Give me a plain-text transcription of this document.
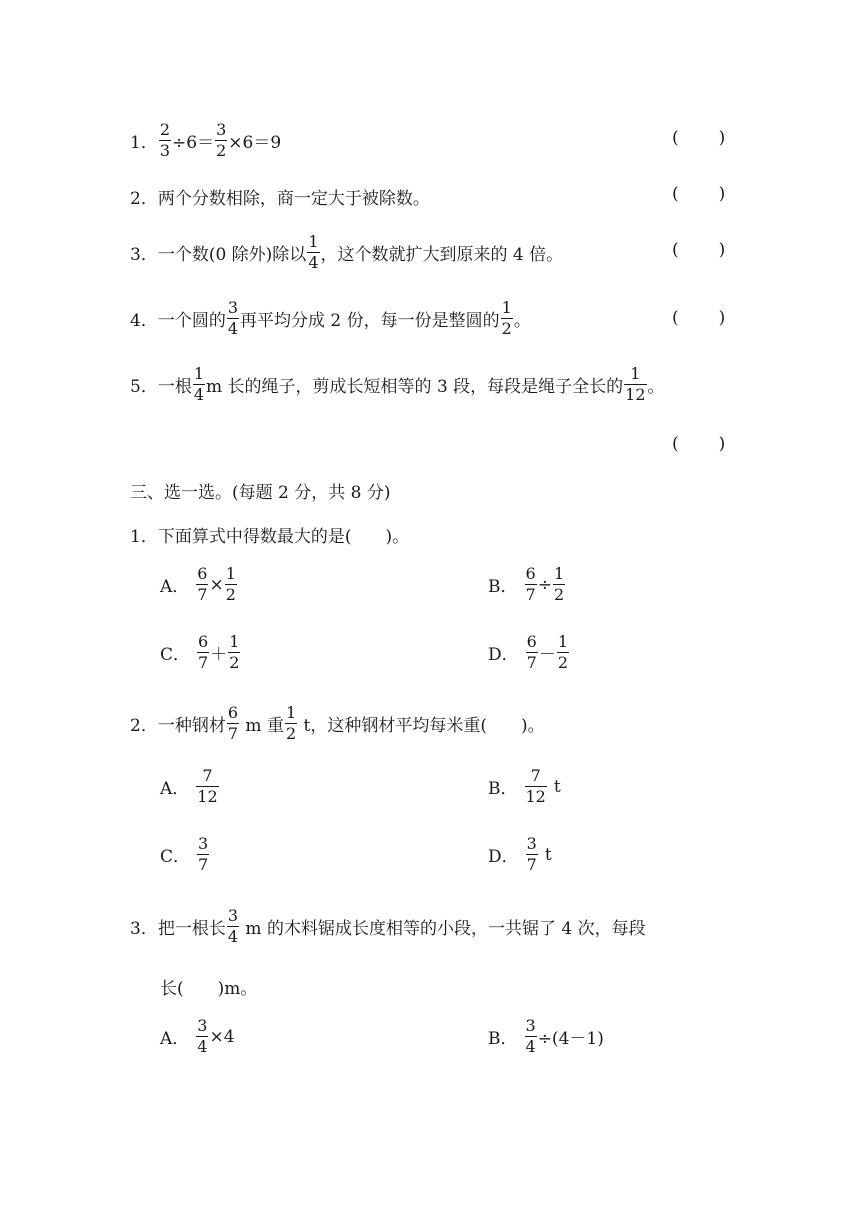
1． $\frac{2}{3} \div 6= \frac{3}{2} \times 6=9$	( )
2． 两个分数相除，商一定大于被除数。	( )
3． 一个数(0 除外)除以 $\frac{1}{4}$ ，这个数就扩大到原来的 4 倍。	( )
4． 一个圆的 $\frac{3}{4}$ 再平均分成 2 份，每一份是整圆的 $\frac{1}{2}$ 。	( )
5． 一根 $\frac{1}{4}$ m 长的绳子，剪成长短相等的 3 段，每段是绳子全长的 $\frac{1}{12}$ 。
( )
三、选一选。(每题 2 分，共 8 分)
1．下面算式中得数最大的是(　　)。
A． $\frac{6}{7} \times \frac{1}{2}$	B． $\frac{6}{7} \div \frac{1}{2}$
C． $\frac{6}{7} + \frac{1}{2}$	D． $\frac{6}{7} - \frac{1}{2}$
2． 一种钢材 $\frac{6}{7}$ m 重 $\frac{1}{2}$ t，这种钢材平均每米重(　　)。
A． $\frac{7}{12}$	B． $\frac{7}{12}$ t
C． $\frac{3}{7}$	D． $\frac{3}{7}$ t
3． 把一根长 $\frac{3}{4}$ m 的木料锯成长度相等的小段，一共锯了 4 次，每段
长(　　)m。
A． $\frac{3}{4} \times 4$	B． $\frac{3}{4} \div(4-1)$
